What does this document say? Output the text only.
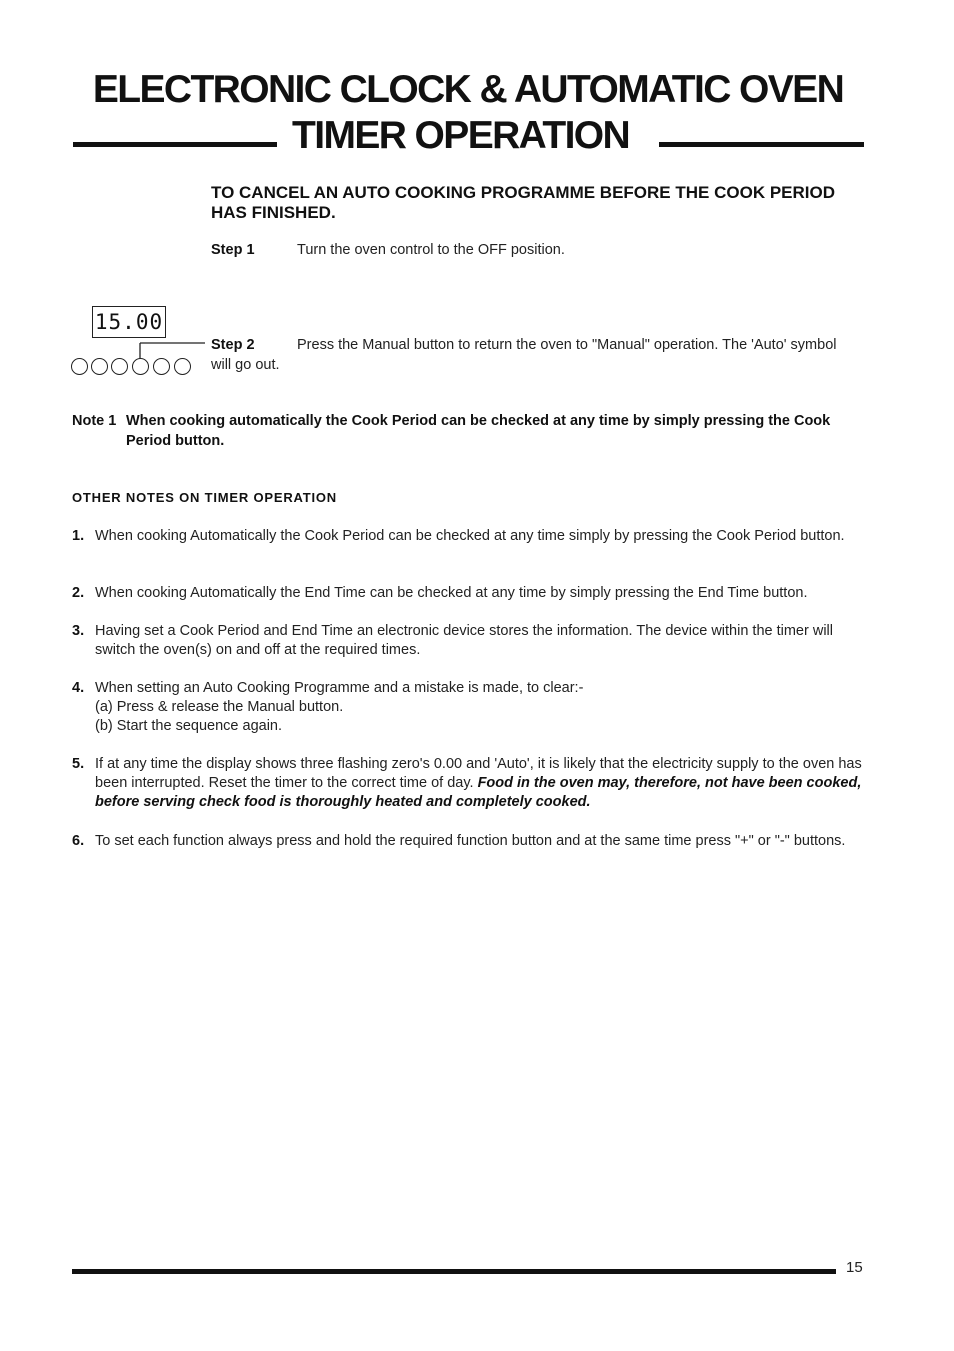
ELECTRONIC CLOCK & AUTOMATIC OVEN
TIMER OPERATION
TO CANCEL AN AUTO COOKING PROGRAMME BEFORE THE COOK PERIOD HAS FINISHED.
Step 1	Turn the oven control to the OFF position.
15.00
Step 2	Press the Manual button to return the oven to "Manual" operation. The 'Auto' symbol
will go out.
Note 1 When cooking automatically the Cook Period can be checked at any time by simply pressing the Cook Period button.
OTHER NOTES ON TIMER OPERATION
1. When cooking Automatically the Cook Period can be checked at any time simply by pressing the Cook Period button.
2. When cooking Automatically the End Time can be checked at any time by simply pressing the End Time button.
3. Having set a Cook Period and End Time an electronic device stores the information. The device within the timer will switch the oven(s) on and off at the required times.
4. When setting an Auto Cooking Programme and a mistake is made, to clear:-
(a) Press & release the Manual button.
(b) Start the sequence again.
5. If at any time the display shows three flashing zero's 0.00 and 'Auto', it is likely that the electricity supply to the oven has been interrupted. Reset the timer to the correct time of day. Food in the oven may, therefore, not have been cooked, before serving check food is thoroughly heated and completely cooked.
6. To set each function always press and hold the required function button and at the same time press "+" or "-" buttons.
15
